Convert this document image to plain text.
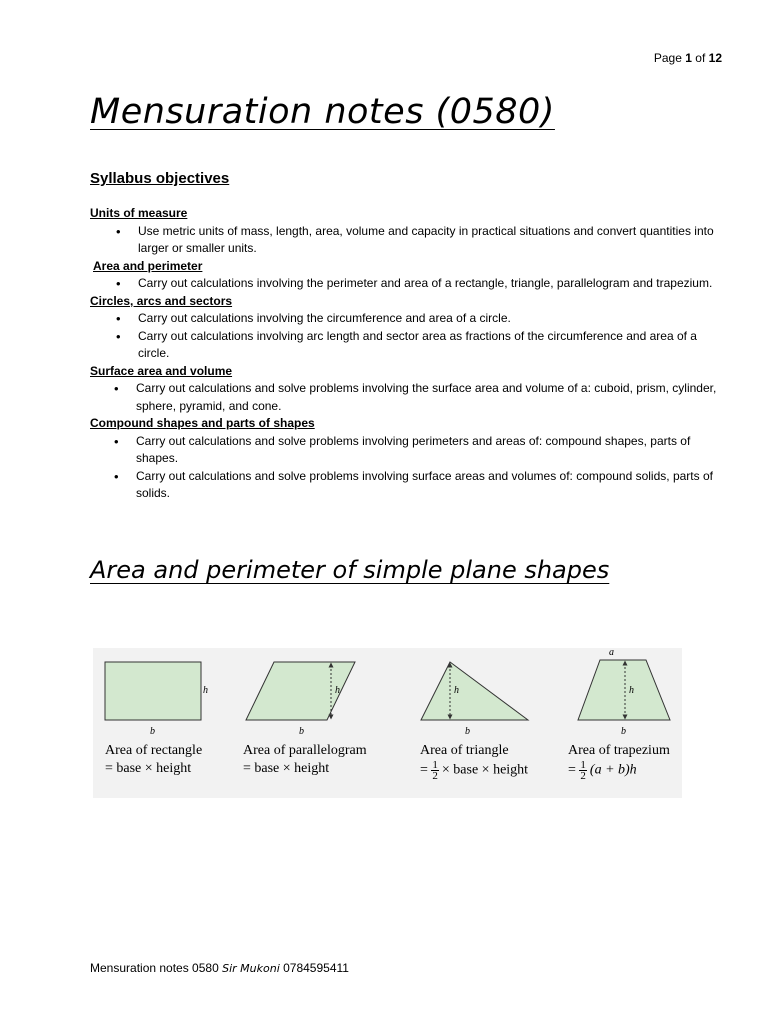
Page 1 of 12
Mensuration notes (0580)
Syllabus objectives
Units of measure
• Use metric units of mass, length, area, volume and capacity in practical situations and convert quantities into larger or smaller units.
Area and perimeter
• Carry out calculations involving the perimeter and area of a rectangle, triangle, parallelogram and trapezium.
Circles, arcs and sectors
• Carry out calculations involving the circumference and area of a circle.
• Carry out calculations involving arc length and sector area as fractions of the circumference and area of a circle.
Surface area and volume
• Carry out calculations and solve problems involving the surface area and volume of a: cuboid, prism, cylinder, sphere, pyramid, and cone.
Compound shapes and parts of shapes
• Carry out calculations and solve problems involving perimeters and areas of: compound shapes, parts of shapes.
• Carry out calculations and solve problems involving surface areas and volumes of: compound solids, parts of solids.
Area and perimeter of simple plane shapes
h
b
h
b
h
b
a
h
b
Area of rectangle
= base × height
Area of parallelogram
= base × height
Area of triangle
= $\frac{1}{2}$ × base × height
Area of trapezium
= $\frac{1}{2} (a + b)h$
Mensuration notes 0580 Sir Mukoni 0784595411
